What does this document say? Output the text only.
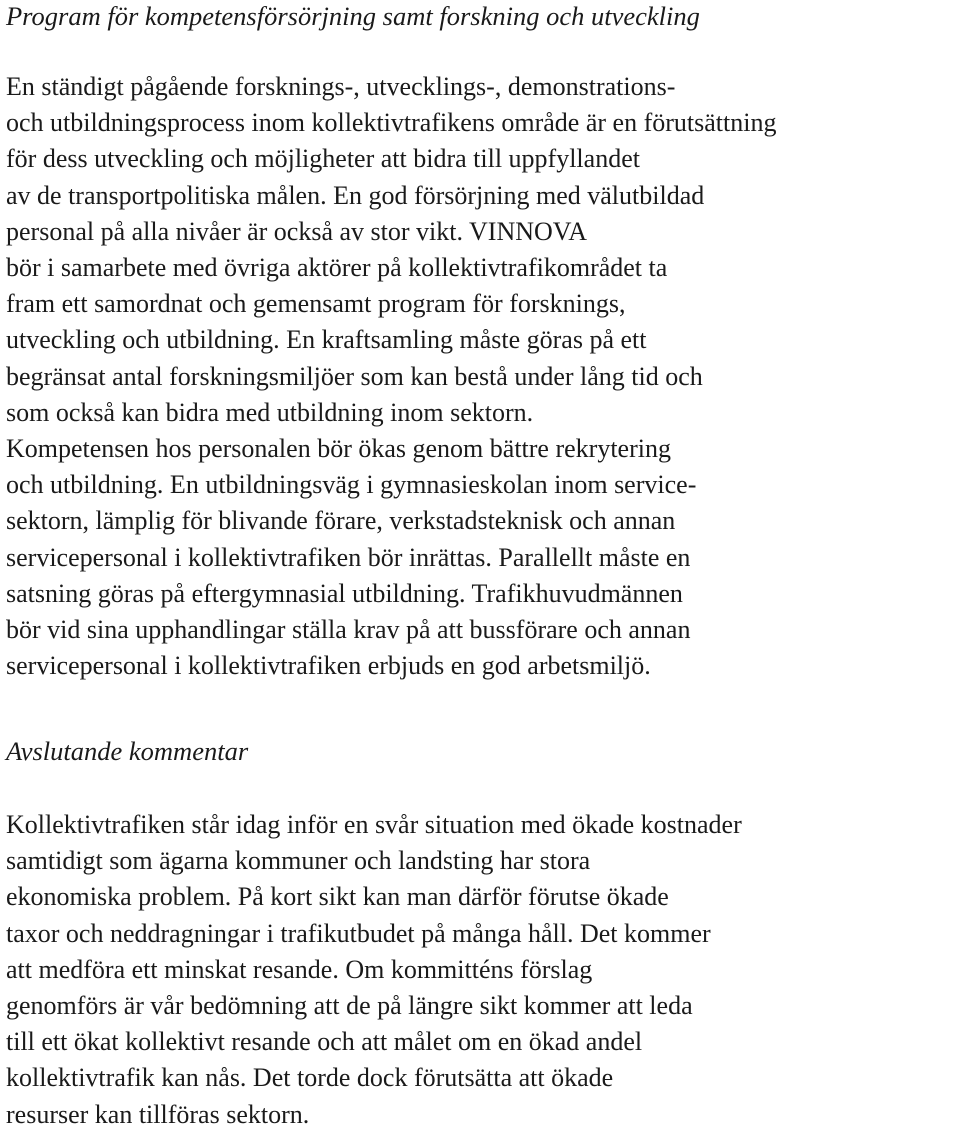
Program för kompetensförsörjning samt forskning och utveckling
En ständigt pågående forsknings-, utvecklings-, demonstrations-
och utbildningsprocess inom kollektivtrafikens område är en förutsättning
för dess utveckling och möjligheter att bidra till uppfyllandet
av de transportpolitiska målen. En god försörjning med välutbildad
personal på alla nivåer är också av stor vikt. VINNOVA
bör i samarbete med övriga aktörer på kollektivtrafikområdet ta
fram ett samordnat och gemensamt program för forsknings,
utveckling och utbildning. En kraftsamling måste göras på ett
begränsat antal forskningsmiljöer som kan bestå under lång tid och
som också kan bidra med utbildning inom sektorn.
Kompetensen hos personalen bör ökas genom bättre rekrytering
och utbildning. En utbildningsväg i gymnasieskolan inom service-
sektorn, lämplig för blivande förare, verkstadsteknisk och annan
servicepersonal i kollektivtrafiken bör inrättas. Parallellt måste en
satsning göras på eftergymnasial utbildning. Trafikhuvudmännen
bör vid sina upphandlingar ställa krav på att bussförare och annan
servicepersonal i kollektivtrafiken erbjuds en god arbetsmiljö.
Avslutande kommentar
Kollektivtrafiken står idag inför en svår situation med ökade kostnader
samtidigt som ägarna kommuner och landsting har stora
ekonomiska problem. På kort sikt kan man därför förutse ökade
taxor och neddragningar i trafikutbudet på många håll. Det kommer
att medföra ett minskat resande. Om kommitténs förslag
genomförs är vår bedömning att de på längre sikt kommer att leda
till ett ökat kollektivt resande och att målet om en ökad andel
kollektivtrafik kan nås. Det torde dock förutsätta att ökade
resurser kan tillföras sektorn.
